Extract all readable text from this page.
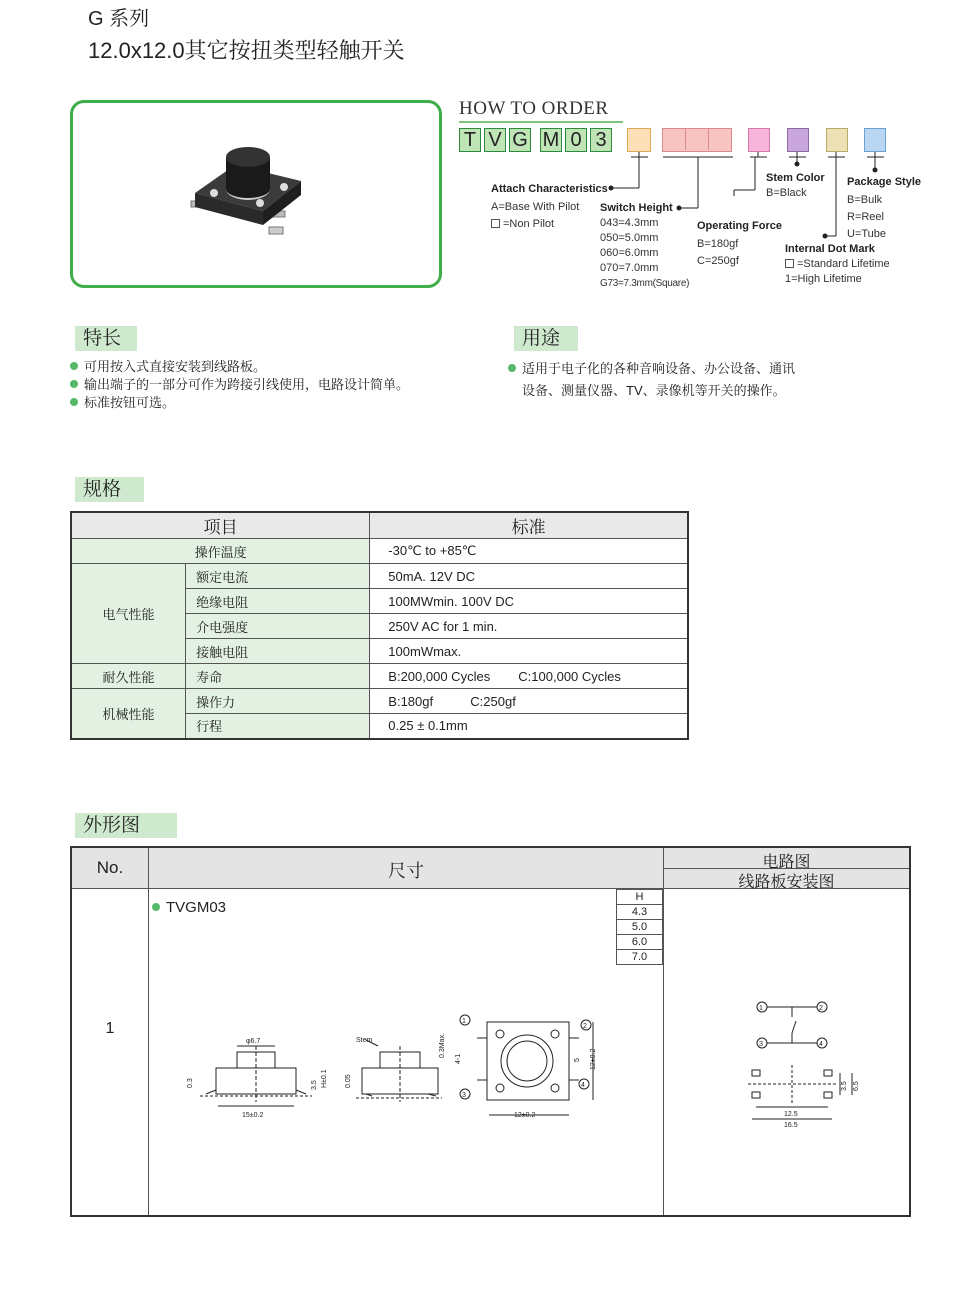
G 系列
12.0x12.0其它按扭类型轻触开关
HOW TO ORDER
T V G M 0 3
Attach Characteristics
A=Base With Pilot
=Non Pilot
Switch Height
043=4.3mm
050=5.0mm
060=6.0mm
070=7.0mm
G73=7.3mm(Square)
Operating Force
B=180gf
C=250gf
Stem Color
B=Black
Internal Dot Mark
=Standard Lifetime
1=High Lifetime
Package Style
B=Bulk
R=Reel
U=Tube
特长
可用按入式直接安装到线路板。
输出端子的一部分可作为跨接引线使用，电路设计简单。
标准按钮可选。
用途
适用于电子化的各种音响设备、办公设备、通讯
设备、测量仪器、TV、录像机等开关的操作。
规格
项目		标准
操作温度		-30℃ to +85℃
电气性能	额定电流	50mA. 12V DC
	绝缘电阻	100MWmin. 100V DC
	介电强度	250V AC for 1 min.
	接触电阻	100mWmax.
耐久性能	寿命	B:200,000 Cycles C:100,000 Cycles
机械性能	操作力	B:180gf C:250gf
	行程	0.25 ± 0.1mm
外形图
No.	尺寸	电路图
线路板安装图
1
TVGM03
H
4.3
5.0
6.0
7.0
φ6.7
15±0.2
0.3	3.5 H±0.1
Stem
0.05
0.3Max.
4-1
12±0.2
5 12±0.2
1
2
3
4
1	2
3	4
12.5
16.5
3.5 6.5
